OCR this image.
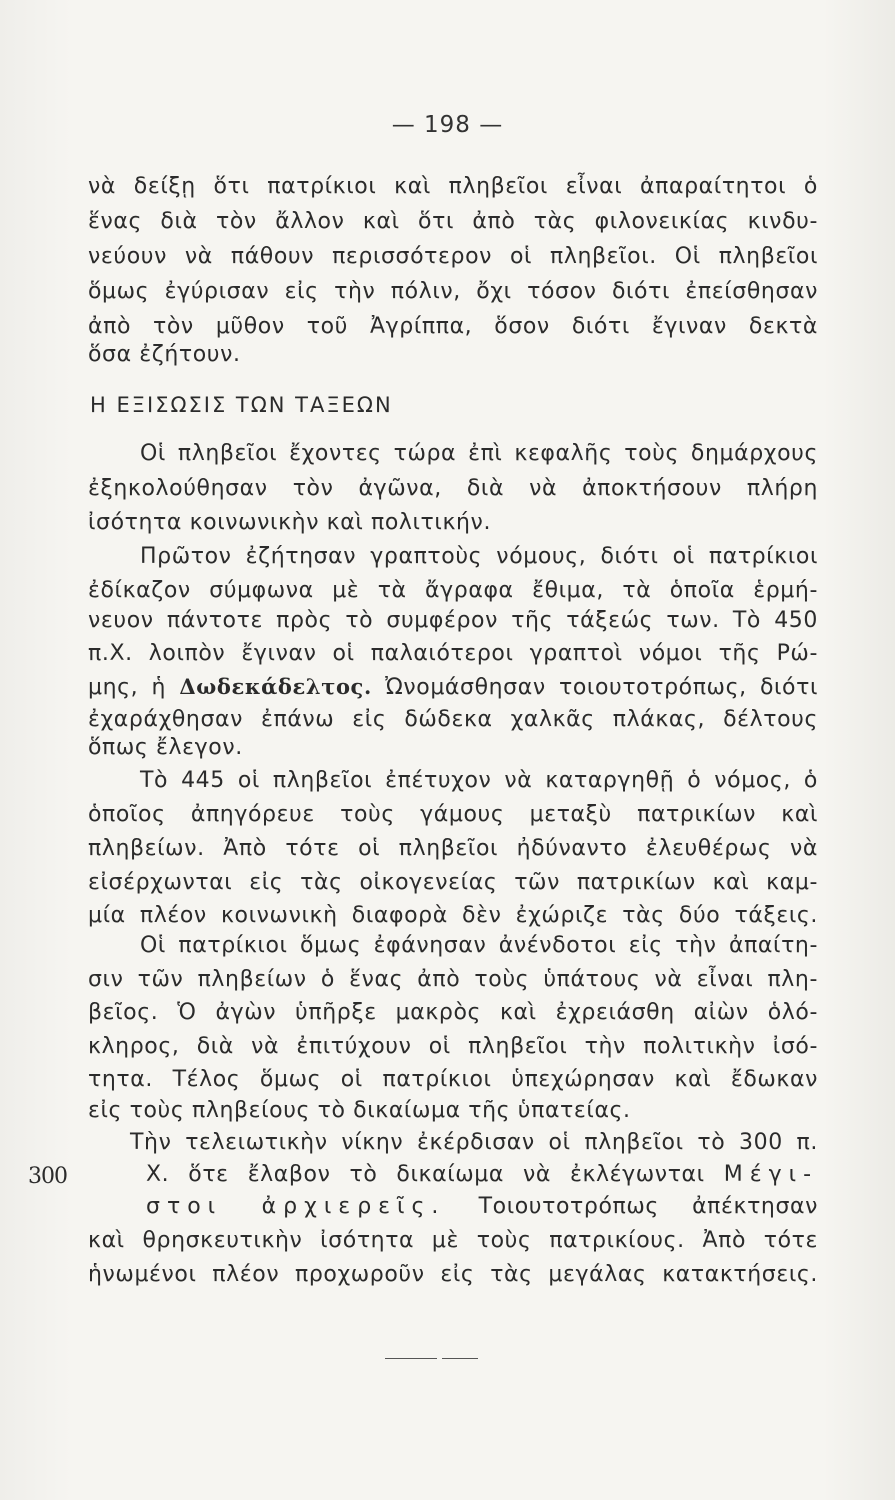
— 198 —
νὰ δείξῃ ὅτι πατρίκιοι καὶ πληβεῖοι εἶναι ἀπαραίτητοι ὁ
ἕνας διὰ τὸν ἄλλον καὶ ὅτι ἀπὸ τὰς φιλονεικίας κινδυ-
νεύουν νὰ πάθουν περισσότερον οἱ πληβεῖοι. Οἱ πληβεῖοι
ὅμως ἐγύρισαν εἰς τὴν πόλιν, ὄχι τόσον διότι ἐπείσθησαν
ἀπὸ τὸν μῦθον τοῦ Ἀγρίππα, ὅσον διότι ἔγιναν δεκτὰ
ὅσα ἐζήτουν.
Η ΕΞΙΣΩΣΙΣ ΤΩΝ ΤΑΞΕΩΝ
Οἱ πληβεῖοι ἔχοντες τώρα ἐπὶ κεφαλῆς τοὺς δημάρχους
ἐξηκολούθησαν τὸν ἀγῶνα, διὰ νὰ ἀποκτήσουν πλήρη
ἰσότητα κοινωνικὴν καὶ πολιτικήν.
Πρῶτον ἐζήτησαν γραπτοὺς νόμους, διότι οἱ πατρίκιοι
ἐδίκαζον σύμφωνα μὲ τὰ ἄγραφα ἔθιμα, τὰ ὁποῖα ἑρμή-
νευον πάντοτε πρὸς τὸ συμφέρον τῆς τάξεώς των. Τὸ 450
π.Χ. λοιπὸν ἔγιναν οἱ παλαιότεροι γραπτοὶ νόμοι τῆς Ρώ-
μης, ἡ Δωδεκάδελτος. Ὠνομάσθησαν τοιουτοτρόπως, διότι
ἐχαράχθησαν ἐπάνω εἰς δώδεκα χαλκᾶς πλάκας, δέλτους
ὅπως ἔλεγον.
Τὸ 445 οἱ πληβεῖοι ἐπέτυχον νὰ καταργηθῇ ὁ νόμος, ὁ
ὁποῖος ἀπηγόρευε τοὺς γάμους μεταξὺ πατρικίων καὶ
πληβείων. Ἀπὸ τότε οἱ πληβεῖοι ἠδύναντο ἐλευθέρως νὰ
εἰσέρχωνται εἰς τὰς οἰκογενείας τῶν πατρικίων καὶ καμ-
μία πλέον κοινωνικὴ διαφορὰ δὲν ἐχώριζε τὰς δύο τάξεις.
Οἱ πατρίκιοι ὅμως ἐφάνησαν ἀνένδοτοι εἰς τὴν ἀπαίτη-
σιν τῶν πληβείων ὁ ἕνας ἀπὸ τοὺς ὑπάτους νὰ εἶναι πλη-
βεῖος. Ὁ ἀγὼν ὑπῆρξε μακρὸς καὶ ἐχρειάσθη αἰὼν ὁλό-
κληρος, διὰ νὰ ἐπιτύχουν οἱ πληβεῖοι τὴν πολιτικὴν ἰσό-
τητα. Τέλος ὅμως οἱ πατρίκιοι ὑπεχώρησαν καὶ ἔδωκαν
εἰς τοὺς πληβείους τὸ δικαίωμα τῆς ὑπατείας.
Τὴν τελειωτικὴν νίκην ἐκέρδισαν οἱ πληβεῖοι τὸ 300 π.
300	Χ. ὅτε ἔλαβον τὸ δικαίωμα νὰ ἐκλέγωνται Μέγι-
στοι ἀρχιερεῖς. Τοιουτοτρόπως ἀπέκτησαν
καὶ θρησκευτικὴν ἰσότητα μὲ τοὺς πατρικίους. Ἀπὸ τότε
ἡνωμένοι πλέον προχωροῦν εἰς τὰς μεγάλας κατακτήσεις.
